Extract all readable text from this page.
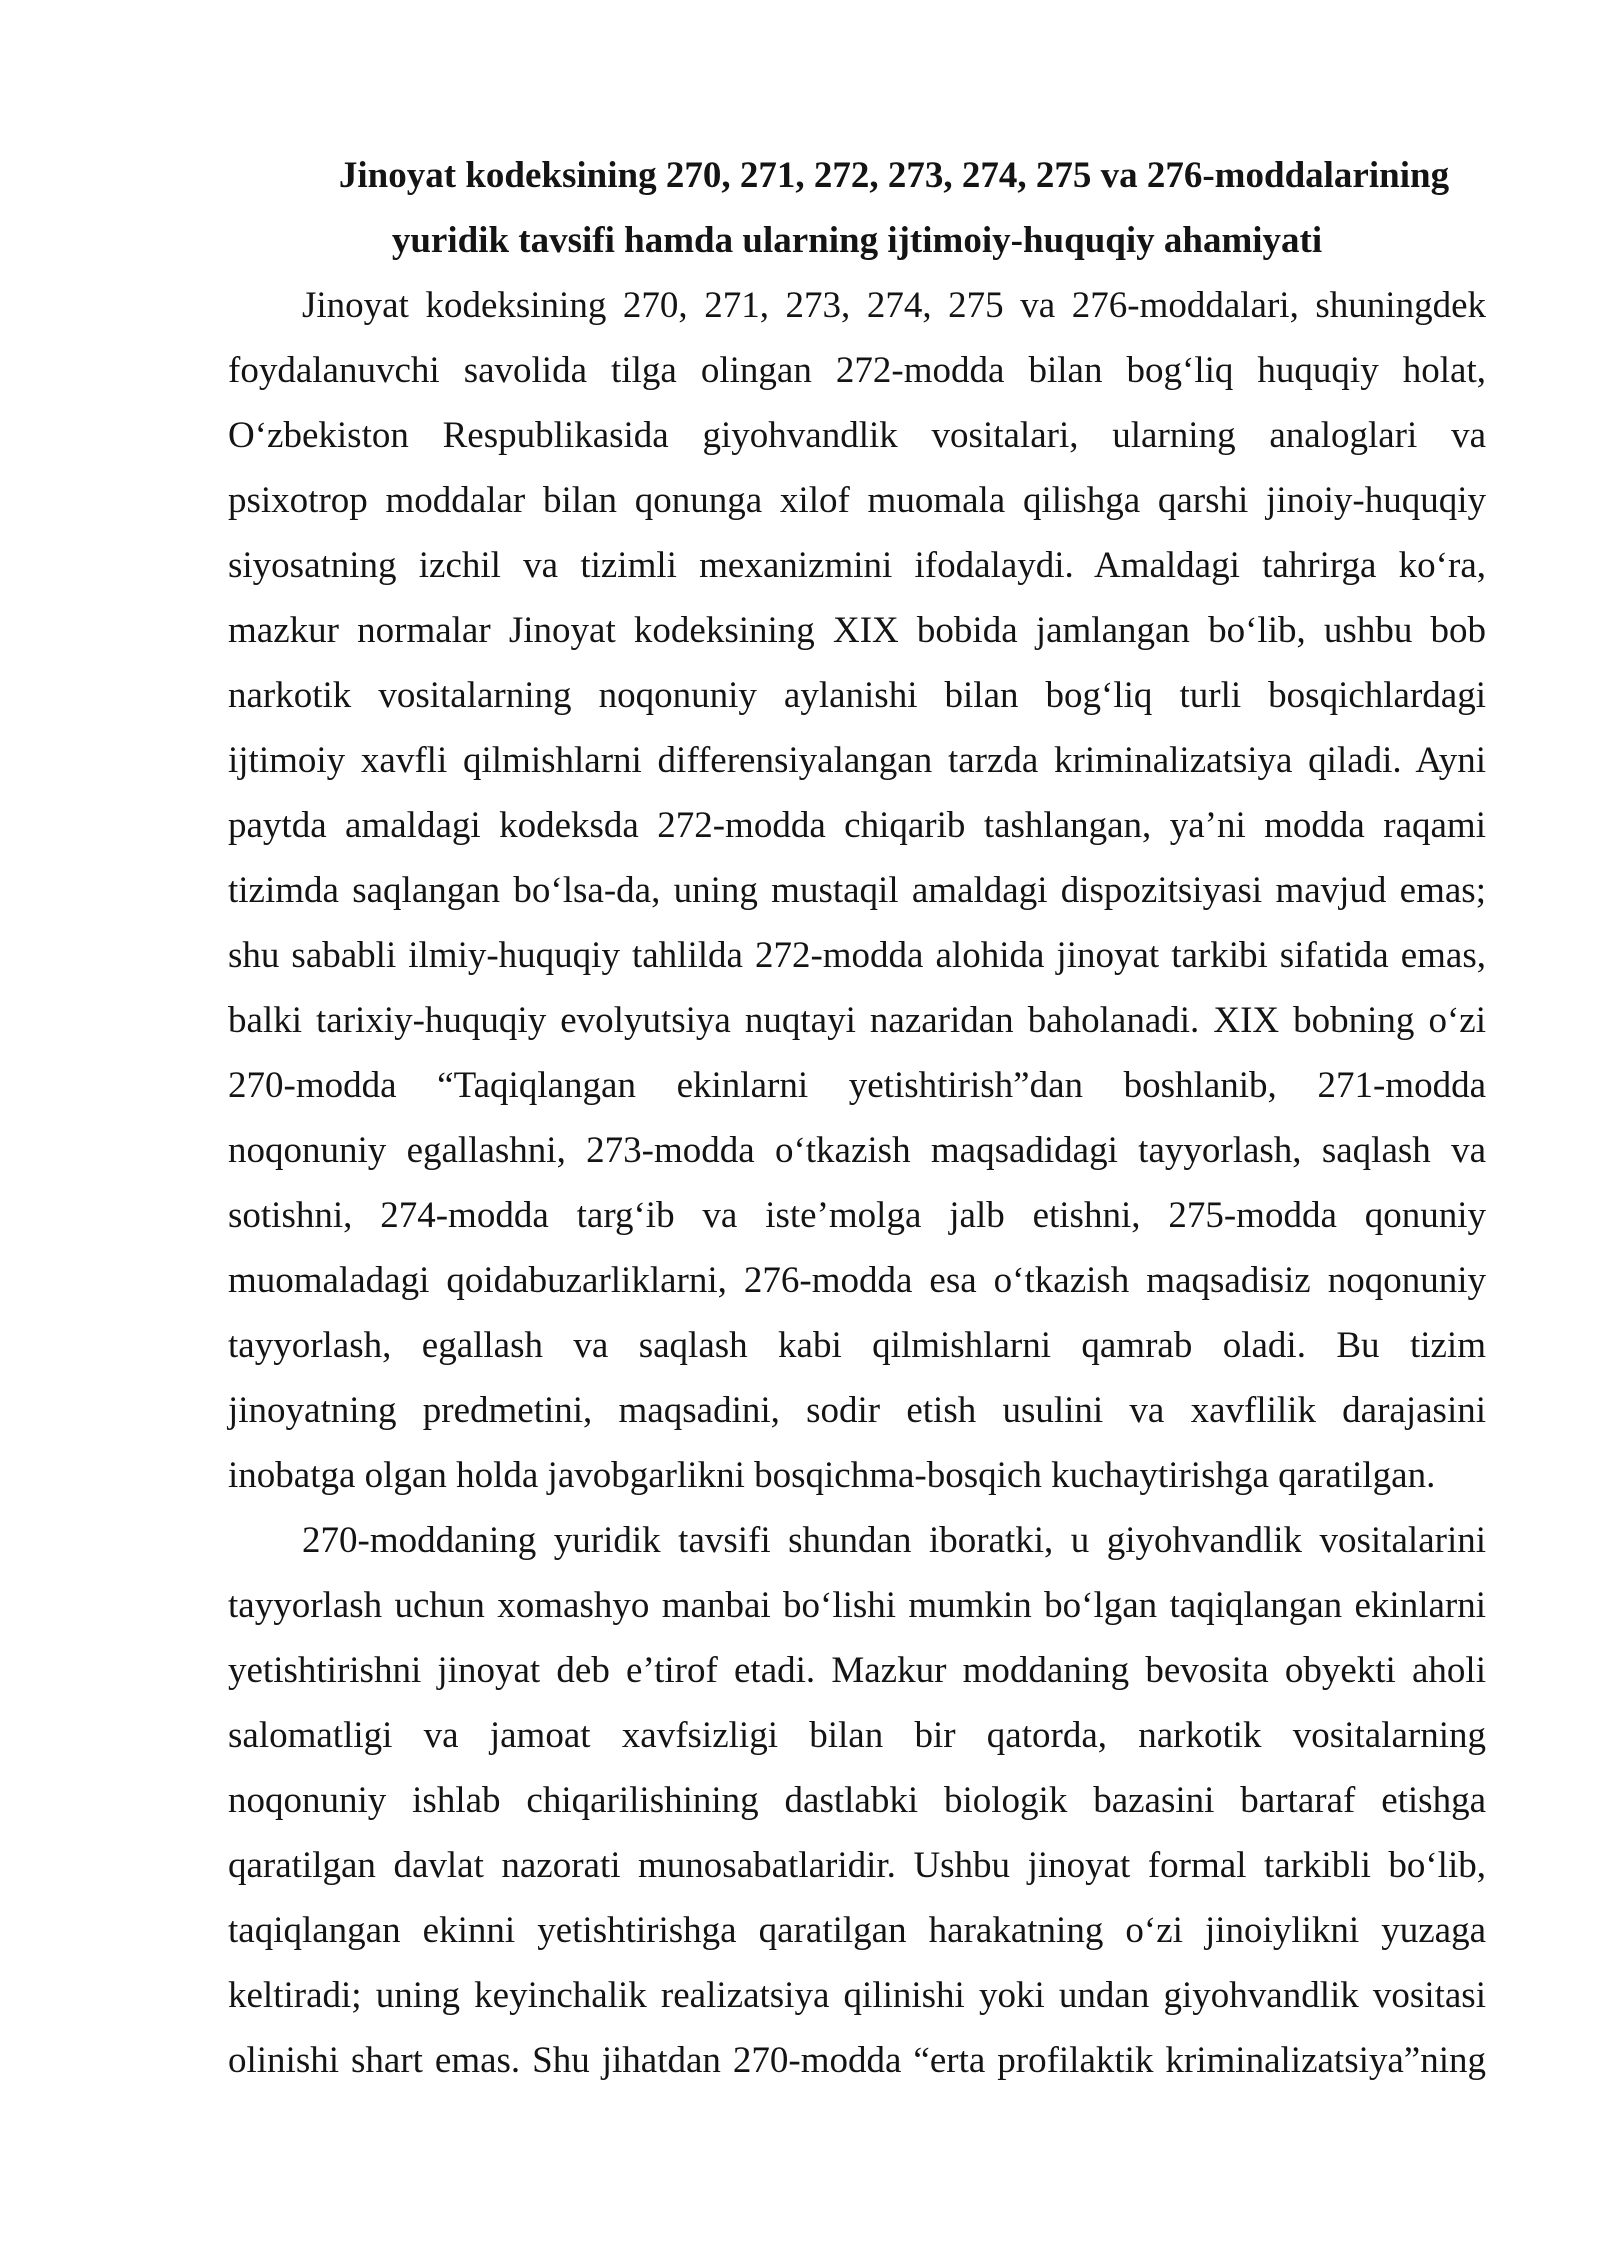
Jinoyat kodeksining 270, 271, 272, 273, 274, 275 va 276-moddalarining
yuridik tavsifi hamda ularning ijtimoiy-huquqiy ahamiyati
Jinoyat kodeksining 270, 271, 273, 274, 275 va 276-moddalari, shuningdek
foydalanuvchi savolida tilga olingan 272-modda bilan bog‘liq huquqiy holat,
O‘zbekiston Respublikasida giyohvandlik vositalari, ularning analoglari va
psixotrop moddalar bilan qonunga xilof muomala qilishga qarshi jinoiy-huquqiy
siyosatning izchil va tizimli mexanizmini ifodalaydi. Amaldagi tahrirga ko‘ra,
mazkur normalar Jinoyat kodeksining XIX bobida jamlangan bo‘lib, ushbu bob
narkotik vositalarning noqonuniy aylanishi bilan bog‘liq turli bosqichlardagi
ijtimoiy xavfli qilmishlarni differensiyalangan tarzda kriminalizatsiya qiladi. Ayni
paytda amaldagi kodeksda 272-modda chiqarib tashlangan, ya’ni modda raqami
tizimda saqlangan bo‘lsa-da, uning mustaqil amaldagi dispozitsiyasi mavjud emas;
shu sababli ilmiy-huquqiy tahlilda 272-modda alohida jinoyat tarkibi sifatida emas,
balki tarixiy-huquqiy evolyutsiya nuqtayi nazaridan baholanadi. XIX bobning o‘zi
270-modda “Taqiqlangan ekinlarni yetishtirish”dan boshlanib, 271-modda
noqonuniy egallashni, 273-modda o‘tkazish maqsadidagi tayyorlash, saqlash va
sotishni, 274-modda targ‘ib va iste’molga jalb etishni, 275-modda qonuniy
muomaladagi qoidabuzarliklarni, 276-modda esa o‘tkazish maqsadisiz noqonuniy
tayyorlash, egallash va saqlash kabi qilmishlarni qamrab oladi. Bu tizim
jinoyatning predmetini, maqsadini, sodir etish usulini va xavflilik darajasini
inobatga olgan holda javobgarlikni bosqichma-bosqich kuchaytirishga qaratilgan.
270-moddaning yuridik tavsifi shundan iboratki, u giyohvandlik vositalarini
tayyorlash uchun xomashyo manbai bo‘lishi mumkin bo‘lgan taqiqlangan ekinlarni
yetishtirishni jinoyat deb e’tirof etadi. Mazkur moddaning bevosita obyekti aholi
salomatligi va jamoat xavfsizligi bilan bir qatorda, narkotik vositalarning
noqonuniy ishlab chiqarilishining dastlabki biologik bazasini bartaraf etishga
qaratilgan davlat nazorati munosabatlaridir. Ushbu jinoyat formal tarkibli bo‘lib,
taqiqlangan ekinni yetishtirishga qaratilgan harakatning o‘zi jinoiylikni yuzaga
keltiradi; uning keyinchalik realizatsiya qilinishi yoki undan giyohvandlik vositasi
olinishi shart emas. Shu jihatdan 270-modda “erta profilaktik kriminalizatsiya”ning
